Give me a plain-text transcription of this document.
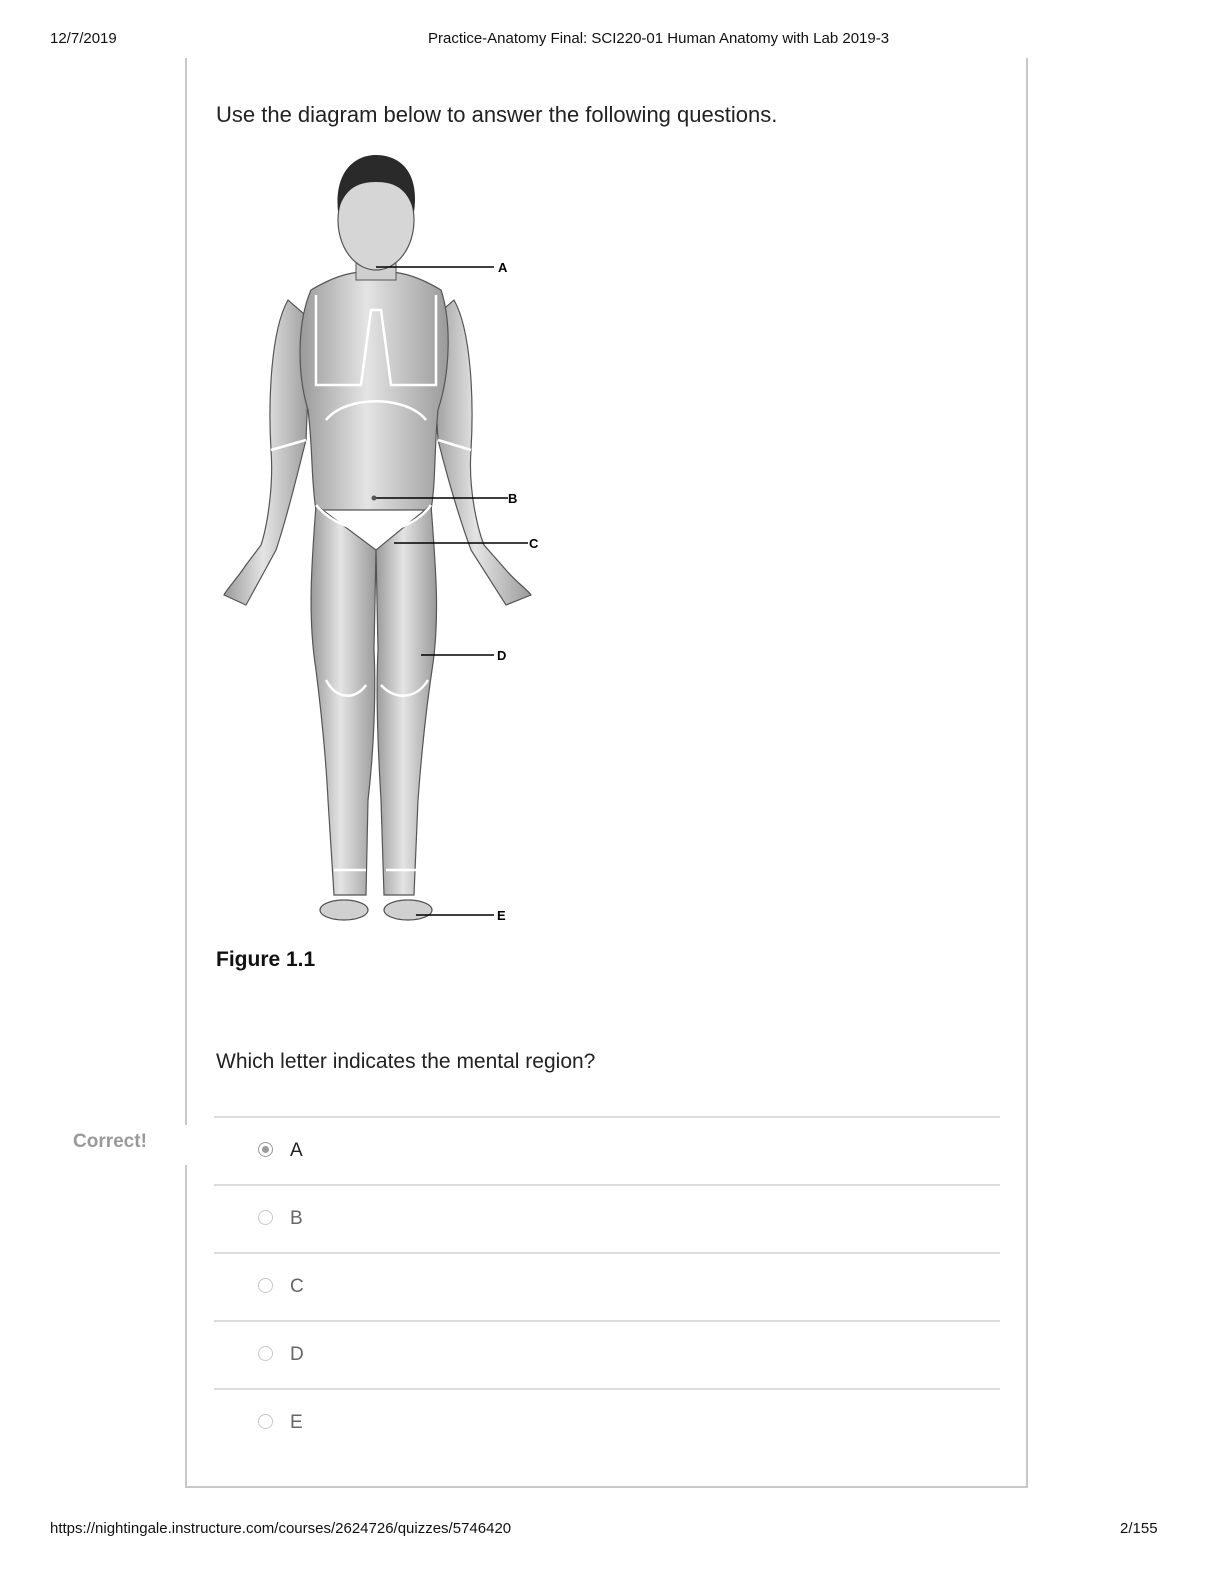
12/7/2019	Practice-Anatomy Final: SCI220-01 Human Anatomy with Lab 2019-3
Use the diagram below to answer the following questions.
A
B
C
D
E
Figure 1.1
Which letter indicates the mental region?
Correct!	A
B
C
D
E
https://nightingale.instructure.com/courses/2624726/quizzes/5746420	2/155
